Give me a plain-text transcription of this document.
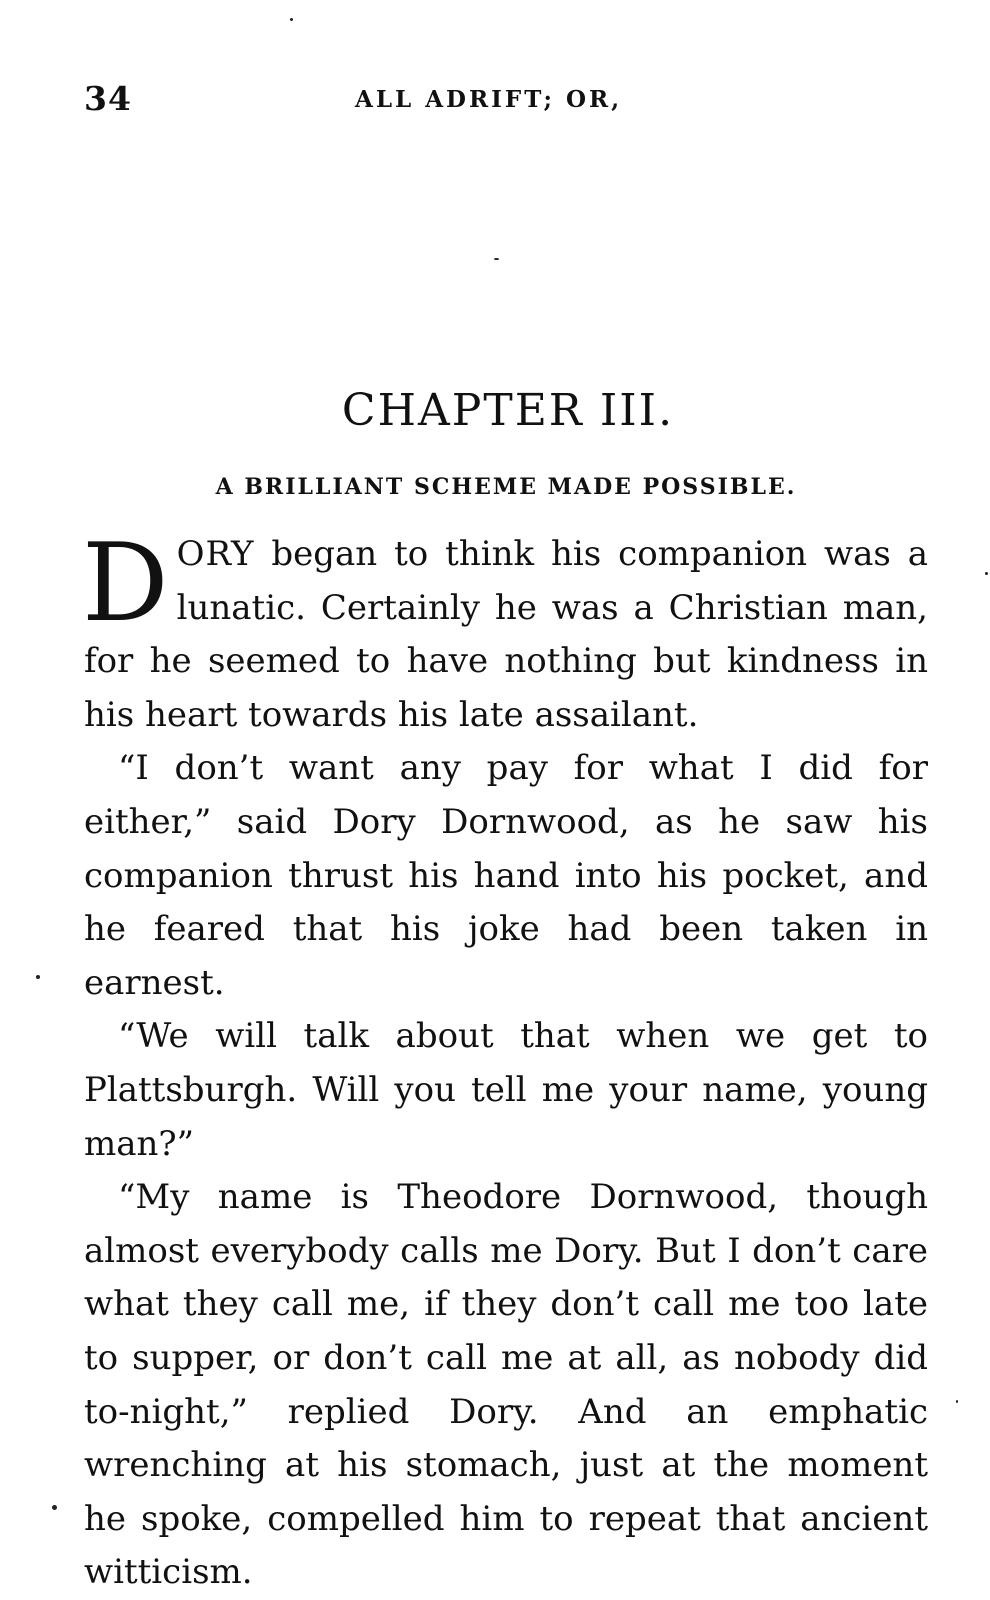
34	ALL ADRIFT; OR,
CHAPTER III.
A BRILLIANT SCHEME MADE POSSIBLE.

DORY began to think his companion was a lunatic. Certainly he was a Christian man, for he seemed to have nothing but kindness in his heart towards his late assailant.

“I don’t want any pay for what I did for either,” said Dory Dornwood, as he saw his companion thrust his hand into his pocket, and he feared that his joke had been taken in earnest.

“We will talk about that when we get to Plattsburgh. Will you tell me your name, young man?”

“My name is Theodore Dornwood, though almost everybody calls me Dory. But I don’t care what they call me, if they don’t call me too late to supper, or don’t call me at all, as nobody did to-night,” replied Dory. And an emphatic wrenching at his stomach, just at the moment he spoke, compelled him to repeat that ancient witticism.
